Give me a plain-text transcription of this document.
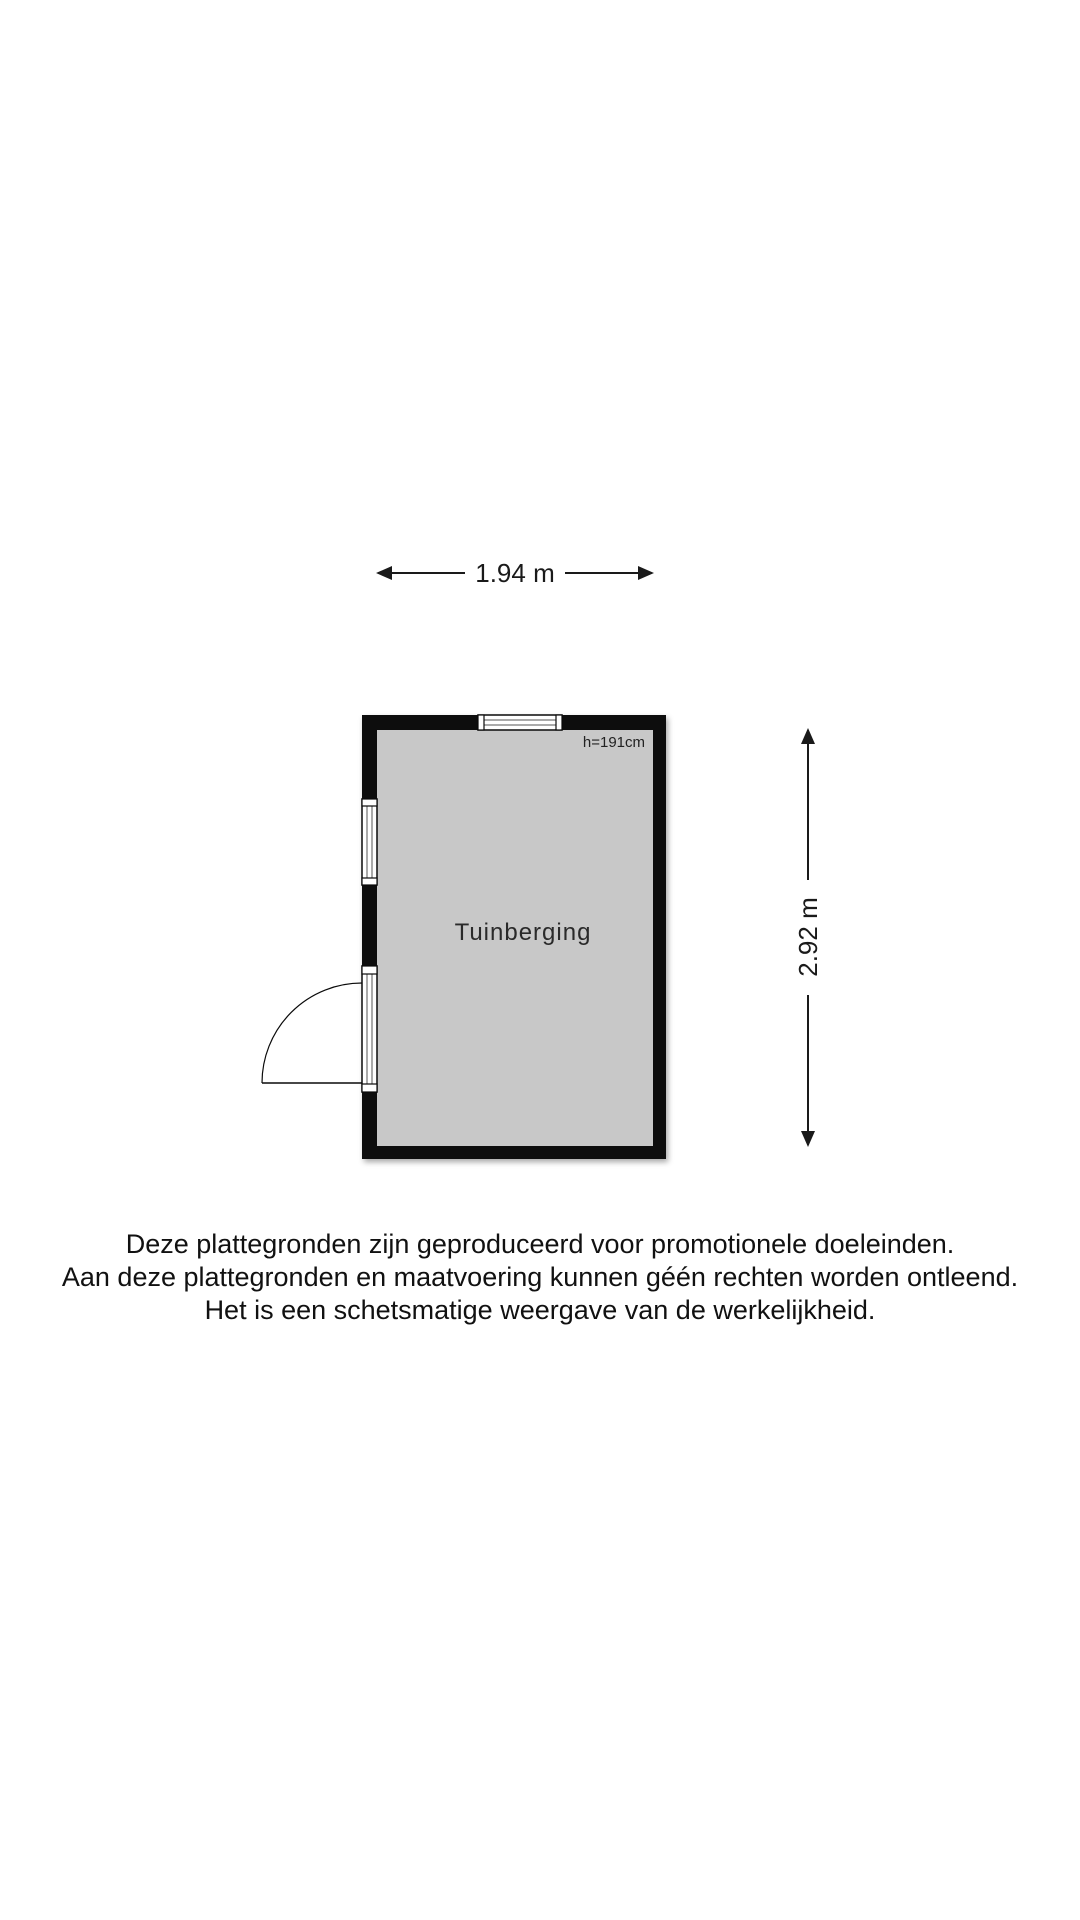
1.94 m
2.92 m
Tuinberging
h=191cm
Deze plattegronden zijn geproduceerd voor promotionele doeleinden.
Aan deze plattegronden en maatvoering kunnen géén rechten worden ontleend.
Het is een schetsmatige weergave van de werkelijkheid.
